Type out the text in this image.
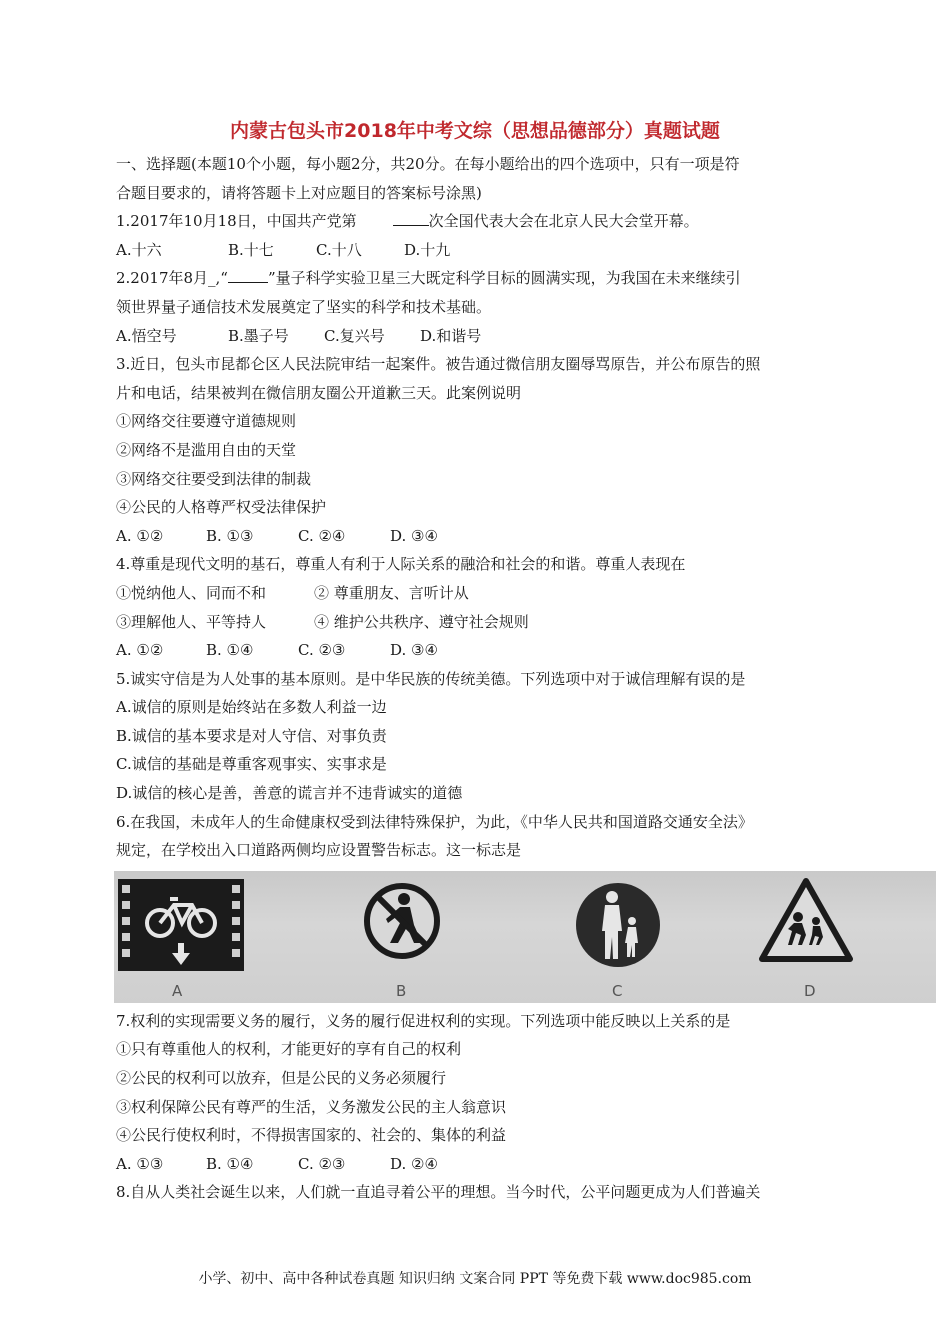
内蒙古包头市2018年中考文综（思想品德部分）真题试题
一、选择题(本题10个小题，每小题2分，共20分。在每小题给出的四个选项中，只有一项是符
合题目要求的，请将答题卡上对应题目的答案标号涂黑)
1.2017年10月18日，中国共产党第	次全国代表大会在北京人民大会堂开幕。
A.十六	B.十七	C.十八	D.十九
2.2017年8月_,“	”量子科学实验卫星三大既定科学目标的圆满实现，为我国在未来继续引
领世界量子通信技术发展奠定了坚实的科学和技术基础。
A.悟空号	B.墨子号 C.复兴号 D.和谐号
3.近日，包头市昆都仑区人民法院审结一起案件。被告通过微信朋友圈辱骂原告，并公布原告的照
片和电话，结果被判在微信朋友圈公开道歉三天。此案例说明
①网络交往要遵守道德规则
②网络不是滥用自由的天堂
③网络交往要受到法律的制裁
④公民的人格尊严权受法律保护
A. ①②	B. ①③	C. ②④	D. ③④
4.尊重是现代文明的基石，尊重人有利于人际关系的融洽和社会的和谐。尊重人表现在
①悦纳他人、同而不和	② 尊重朋友、言听计从
③理解他人、平等持人	④ 维护公共秩序、遵守社会规则
A. ①②	B. ①④	C. ②③	D. ③④
5.诚实守信是为人处事的基本原则。是中华民族的传统美德。下列选项中对于诚信理解有误的是
A.诚信的原则是始终站在多数人利益一边
B.诚信的基本要求是对人守信、对事负责
C.诚信的基础是尊重客观事实、实事求是
D.诚信的核心是善，善意的谎言并不违背诚实的道德
6.在我国，未成年人的生命健康权受到法律特殊保护，为此，《中华人民共和国道路交通安全法》
规定，在学校出入口道路两侧均应设置警告标志。这一标志是
A	B	C	D
7.权利的实现需要义务的履行，义务的履行促进权利的实现。下列选项中能反映以上关系的是
①只有尊重他人的权利，才能更好的享有自己的权利
②公民的权利可以放弃，但是公民的义务必须履行
③权利保障公民有尊严的生活，义务激发公民的主人翁意识
④公民行使权利时，不得损害国家的、社会的、集体的利益
A. ①③	B. ①④	C. ②③	D. ②④
8.自从人类社会诞生以来，人们就一直追寻着公平的理想。当今时代，公平问题更成为人们普遍关
小学、初中、高中各种试卷真题 知识归纳 文案合同 PPT 等免费下载 www.doc985.com
